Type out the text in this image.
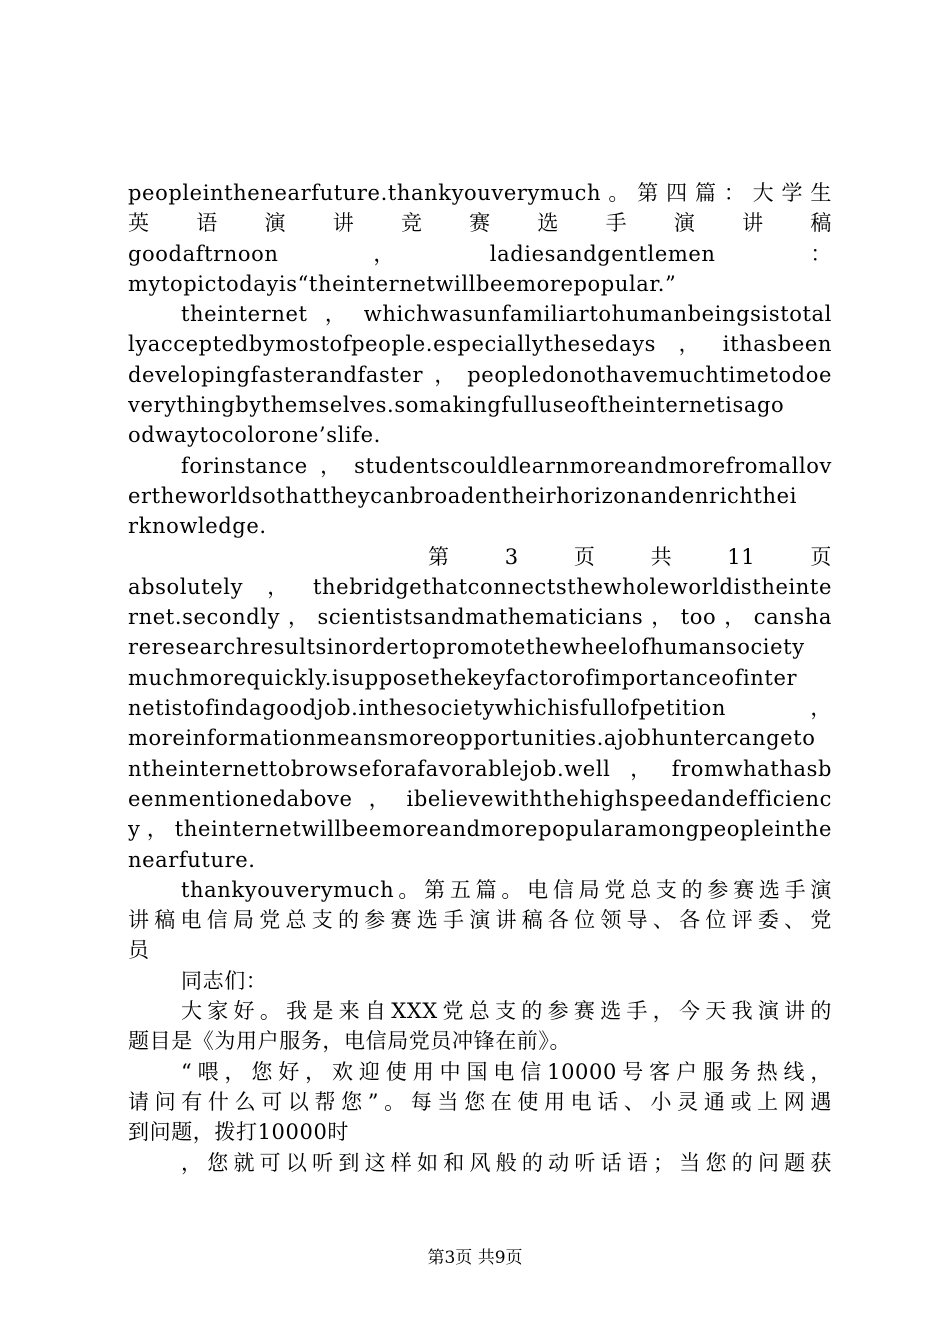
peopleinthenearfuture.thankyouverymuch。第四篇：大学生
英 语 演 讲 竞 赛 选 手 演 讲 稿
goodaftrnoon	，	ladiesandgentlemen	：
mytopictodayis“theinternetwillbeemorepopular.”
theinternet，whichwasunfamiliartohumanbeingsistotal
lyacceptedbymostofpeople.especiallythesedays，ithasbeen
developingfasterandfaster，peopledonothavemuchtimetodoe
verythingbythemselves.somakingfulluseoftheinternetisago
odwaytocolorone’slife.
forinstance，studentscouldlearnmoreandmorefromallov
ertheworldsothattheycanbroadentheirhorizonandenrichthei
rknowledge.
第	3	页	共	11	页
absolutely，thebridgethatconnectsthewholeworldistheinte
rnet.secondly，scientistsandmathematicians，too，cansha
reresearchresultsinordertopromotethewheelofhumansociety
muchmorequickly.isupposethekeyfactorofimportanceofinter
netistofindagoodjob.inthesocietywhichisfullofpetition，
moreinformationmeansmoreopportunities.ajobhuntercangeto
ntheinternettobrowseforafavorablejob.well，fromwhathasb
eenmentionedabove，ibelievewiththehighspeedandefficienc
y，theinternetwillbeemoreandmorepopularamongpeopleinthe
nearfuture.
thankyouverymuch。第五篇。电信局党总支的参赛选手演
讲稿电信局党总支的参赛选手演讲稿各位领导、各位评委、党
员
同志们：
大家好。我是来自XXX党总支的参赛选手，今天我演讲的
题目是《为用户服务，电信局党员冲锋在前》。
“喂，您好，欢迎使用中国电信10000号客户服务热线，
请问有什么可以帮您”。每当您在使用电话、小灵通或上网遇
到问题，拨打10000时
，您就可以听到这样如和风般的动听话语；当您的问题获
第3页 共9页
